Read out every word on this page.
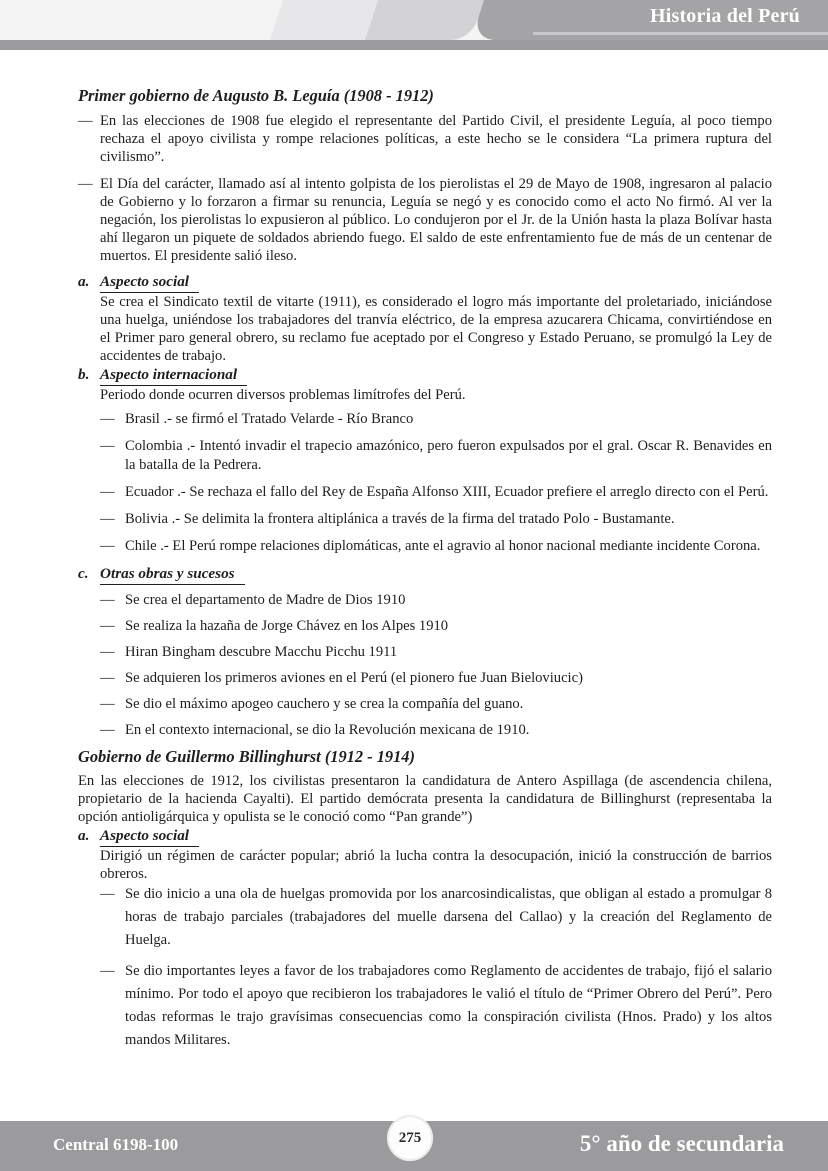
Historia del Perú
Primer gobierno de Augusto B. Leguía (1908 - 1912)
— En las elecciones de 1908 fue elegido el representante del Partido Civil, el presidente Leguía, al poco tiempo rechaza el apoyo civilista y rompe relaciones políticas, a este hecho se le considera “La primera ruptura del civilismo”.

— El Día del carácter, llamado así al intento golpista de los pierolistas el 29 de Mayo de 1908, ingresaron al palacio de Gobierno y lo forzaron a firmar su renuncia, Leguía se negó y es conocido como el acto No firmó. Al ver la negación, los pierolistas lo expusieron al público. Lo condujeron por el Jr. de la Unión hasta la plaza Bolívar hasta ahí llegaron un piquete de soldados abriendo fuego. El saldo de este enfrentamiento fue de más de un centenar de muertos. El presidente salió ileso.

a. Aspecto social

Se crea el Sindicato textil de vitarte (1911), es considerado el logro más importante del proletariado, iniciándose una huelga, uniéndose los trabajadores del tranvía eléctrico, de la empresa azucarera Chicama, convirtiéndose en el Primer paro general obrero, su reclamo fue aceptado por el Congreso y Estado Peruano, se promulgó la Ley de accidentes de trabajo.

b. Aspecto internacional

Periodo donde ocurren diversos problemas limítrofes del Perú.

— Brasil .- se firmó el Tratado Velarde - Río Branco

— Colombia .- Intentó invadir el trapecio amazónico, pero fueron expulsados por el gral. Oscar R. Benavides en la batalla de la Pedrera.

— Ecuador .- Se rechaza el fallo del Rey de España Alfonso XIII, Ecuador prefiere el arreglo directo con el Perú.

— Bolivia .- Se delimita la frontera altiplánica a través de la firma del tratado Polo - Bustamante.

— Chile .- El Perú rompe relaciones diplomáticas, ante el agravio al honor nacional mediante incidente Corona.

c. Otras obras y sucesos
— Se crea el departamento de Madre de Dios 1910

— Se realiza la hazaña de Jorge Chávez en los Alpes 1910

— Hiran Bingham descubre Macchu Picchu 1911

— Se adquieren los primeros aviones en el Perú (el pionero fue Juan Bieloviucic)

— Se dio el máximo apogeo cauchero y se crea la compañía del guano.

— En el contexto internacional, se dio la Revolución mexicana de 1910.

Gobierno de Guillermo Billinghurst (1912 - 1914)

En las elecciones de 1912, los civilistas presentaron la candidatura de Antero Aspillaga (de ascendencia chilena, propietario de la hacienda Cayalti). El partido demócrata presenta la candidatura de Billinghurst (representaba la opción antioligárquica y opulista se le conoció como “Pan grande”)

a. Aspecto social

Dirigió un régimen de carácter popular; abrió la lucha contra la desocupación, inició la construcción de barrios obreros.

— Se dio inicio a una ola de huelgas promovida por los anarcosindicalistas, que obligan al estado a promulgar 8 horas de trabajo parciales (trabajadores del muelle darsena del Callao) y la creación del Reglamento de Huelga.

— Se dio importantes leyes a favor de los trabajadores como Reglamento de accidentes de trabajo, fijó el salario mínimo. Por todo el apoyo que recibieron los trabajadores le valió el título de “Primer Obrero del Perú”. Pero todas reformas le trajo gravísimas consecuencias como la conspiración civilista (Hnos. Prado) y los altos mandos Militares.

Central 6198-100	275	5° año de secundaria
